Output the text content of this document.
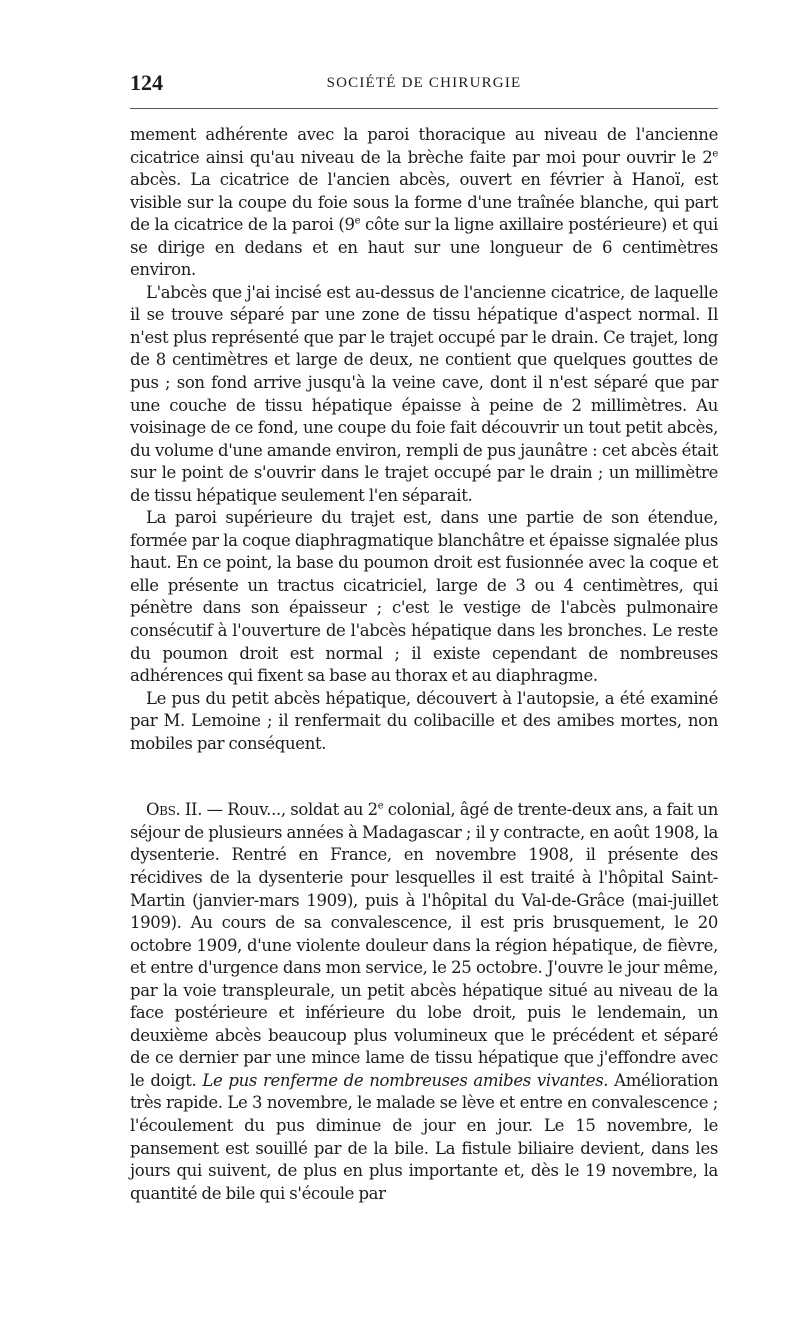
124	SOCIÉTÉ DE CHIRURGIE

mement adhérente avec la paroi thoracique au niveau de l'ancienne cicatrice ainsi qu'au niveau de la brèche faite par moi pour ouvrir le 2e abcès. La cicatrice de l'ancien abcès, ouvert en février à Hanoï, est visible sur la coupe du foie sous la forme d'une traînée blanche, qui part de la cicatrice de la paroi (9e côte sur la ligne axillaire postérieure) et qui se dirige en dedans et en haut sur une longueur de 6 centimètres environ.

L'abcès que j'ai incisé est au-dessus de l'ancienne cicatrice, de laquelle il se trouve séparé par une zone de tissu hépatique d'aspect normal. Il n'est plus représenté que par le trajet occupé par le drain. Ce trajet, long de 8 centimètres et large de deux, ne contient que quelques gouttes de pus ; son fond arrive jusqu'à la veine cave, dont il n'est séparé que par une couche de tissu hépatique épaisse à peine de 2 millimètres. Au voisinage de ce fond, une coupe du foie fait découvrir un tout petit abcès, du volume d'une amande environ, rempli de pus jaunâtre : cet abcès était sur le point de s'ouvrir dans le trajet occupé par le drain ; un millimètre de tissu hépatique seulement l'en séparait.

La paroi supérieure du trajet est, dans une partie de son étendue, formée par la coque diaphragmatique blanchâtre et épaisse signalée plus haut. En ce point, la base du poumon droit est fusionnée avec la coque et elle présente un tractus cicatriciel, large de 3 ou 4 centimètres, qui pénètre dans son épaisseur ; c'est le vestige de l'abcès pulmonaire consécutif à l'ouverture de l'abcès hépatique dans les bronches. Le reste du poumon droit est normal ; il existe cependant de nombreuses adhérences qui fixent sa base au thorax et au diaphragme.

Le pus du petit abcès hépatique, découvert à l'autopsie, a été examiné par M. Lemoine ; il renfermait du colibacille et des amibes mortes, non mobiles par conséquent.

Obs. II. — Rouv..., soldat au 2e colonial, âgé de trente-deux ans, a fait un séjour de plusieurs années à Madagascar ; il y contracte, en août 1908, la dysenterie. Rentré en France, en novembre 1908, il présente des récidives de la dysenterie pour lesquelles il est traité à l'hôpital Saint-Martin (janvier-mars 1909), puis à l'hôpital du Val-de-Grâce (mai-juillet 1909). Au cours de sa convalescence, il est pris brusquement, le 20 octobre 1909, d'une violente douleur dans la région hépatique, de fièvre, et entre d'urgence dans mon service, le 25 octobre. J'ouvre le jour même, par la voie transpleurale, un petit abcès hépatique situé au niveau de la face postérieure et inférieure du lobe droit, puis le lendemain, un deuxième abcès beaucoup plus volumineux que le précédent et séparé de ce dernier par une mince lame de tissu hépatique que j'effondre avec le doigt. Le pus renferme de nombreuses amibes vivantes. Amélioration très rapide. Le 3 novembre, le malade se lève et entre en convalescence ; l'écoulement du pus diminue de jour en jour. Le 15 novembre, le pansement est souillé par de la bile. La fistule biliaire devient, dans les jours qui suivent, de plus en plus importante et, dès le 19 novembre, la quantité de bile qui s'écoule par
